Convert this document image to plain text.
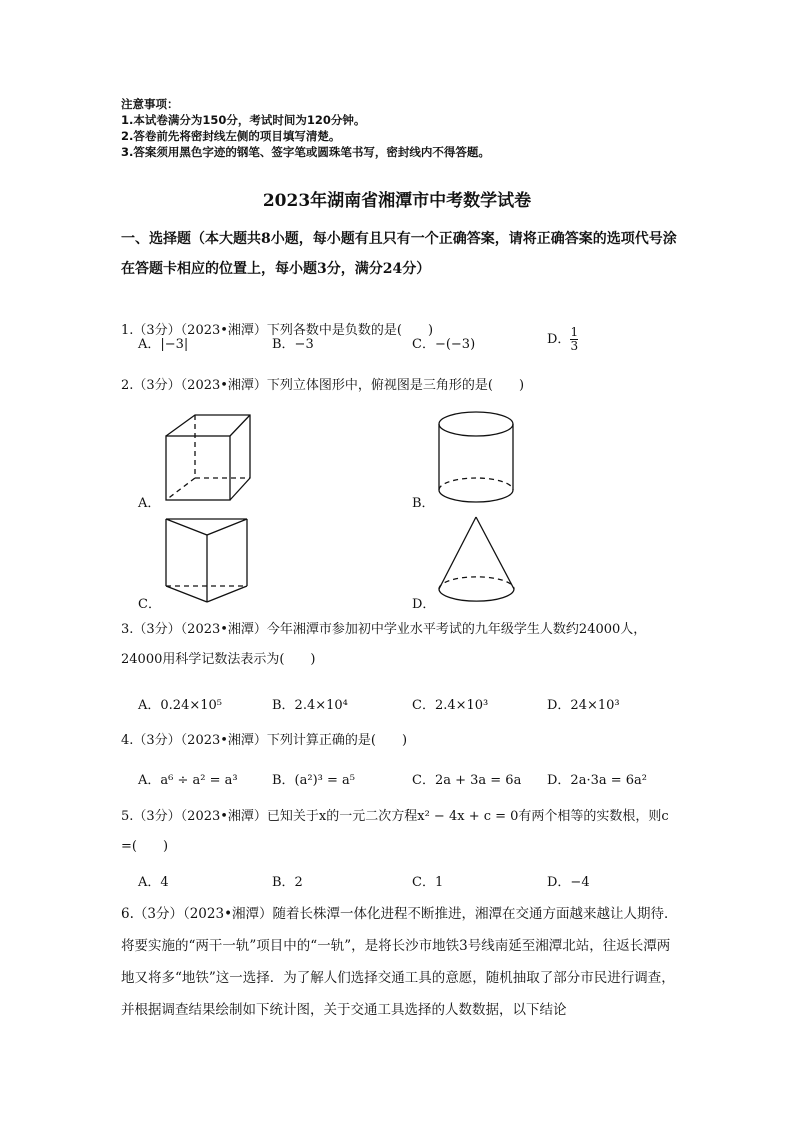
注意事项：
1.本试卷满分为150分，考试时间为120分钟。
2.答卷前先将密封线左侧的项目填写清楚。
3.答案须用黑色字迹的钢笔、签字笔或圆珠笔书写，密封线内不得答题。
2023年湖南省湘潭市中考数学试卷
一、选择题（本大题共8小题，每小题有且只有一个正确答案，请将正确答案的选项代号涂在答题卡相应的位置上，每小题3分，满分24分）
1.（3分）（2023•湘潭）下列各数中是负数的是(　　)
A．|−3|	B．−3	C．−(−3)	D． $\frac{1}{3}$
2.（3分）（2023•湘潭）下列立体图形中，俯视图是三角形的是(　　)
A．	B．
C．	D．
3.（3分）（2023•湘潭）今年湘潭市参加初中学业水平考试的九年级学生人数约24000人，24000用科学记数法表示为(　　)
A．0.24×10⁵	B．2.4×10⁴	C．2.4×10³	D．24×10³
4.（3分）（2023•湘潭）下列计算正确的是(　　)
A．a⁶ ÷ a² = a³	B．(a²)³ = a⁵	C．2a + 3a = 6a D．2a·3a = 6a²
5.（3分）（2023•湘潭）已知关于x的一元二次方程x² − 4x + c = 0有两个相等的实数根，则c =(　　)
A．4	B．2	C．1	D．−4
6.（3分）（2023•湘潭）随着长株潭一体化进程不断推进，湘潭在交通方面越来越让人期待．将要实施的“两干一轨”项目中的“一轨”，是将长沙市地铁3号线南延至湘潭北站，往返长潭两地又将多“地铁”这一选择．为了解人们选择交通工具的意愿，随机抽取了部分市民进行调查，并根据调查结果绘制如下统计图，关于交通工具选择的人数数据，以下结论
